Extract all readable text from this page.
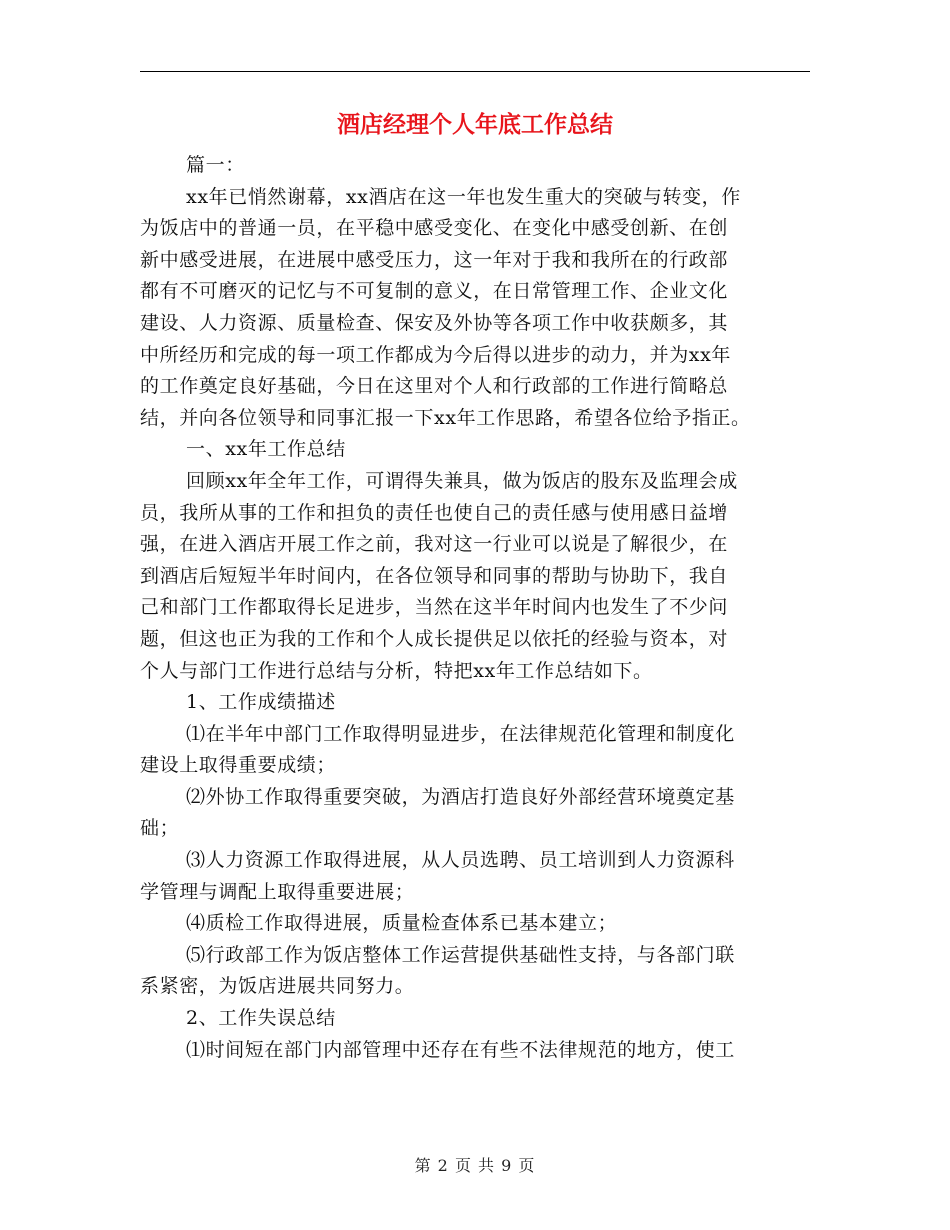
酒店经理个人年底工作总结
篇一：
xx年已悄然谢幕，xx酒店在这一年也发生重大的突破与转变，作
为饭店中的普通一员，在平稳中感受变化、在变化中感受创新、在创
新中感受进展，在进展中感受压力，这一年对于我和我所在的行政部
都有不可磨灭的记忆与不可复制的意义，在日常管理工作、企业文化
建设、人力资源、质量检查、保安及外协等各项工作中收获颇多，其
中所经历和完成的每一项工作都成为今后得以进步的动力，并为xx年
的工作奠定良好基础，今日在这里对个人和行政部的工作进行简略总
结，并向各位领导和同事汇报一下xx年工作思路，希望各位给予指正。
一、xx年工作总结
回顾xx年全年工作，可谓得失兼具，做为饭店的股东及监理会成
员，我所从事的工作和担负的责任也使自己的责任感与使用感日益增
强，在进入酒店开展工作之前，我对这一行业可以说是了解很少，在
到酒店后短短半年时间内，在各位领导和同事的帮助与协助下，我自
己和部门工作都取得长足进步，当然在这半年时间内也发生了不少问
题，但这也正为我的工作和个人成长提供足以依托的经验与资本，对
个人与部门工作进行总结与分析，特把xx年工作总结如下。
1、工作成绩描述
⑴在半年中部门工作取得明显进步，在法律规范化管理和制度化
建设上取得重要成绩；
⑵外协工作取得重要突破，为酒店打造良好外部经营环境奠定基
础；
⑶人力资源工作取得进展，从人员选聘、员工培训到人力资源科
学管理与调配上取得重要进展；
⑷质检工作取得进展，质量检查体系已基本建立；
⑸行政部工作为饭店整体工作运营提供基础性支持，与各部门联
系紧密，为饭店进展共同努力。
2、工作失误总结
⑴时间短在部门内部管理中还存在有些不法律规范的地方，使工
第 2 页 共 9 页
